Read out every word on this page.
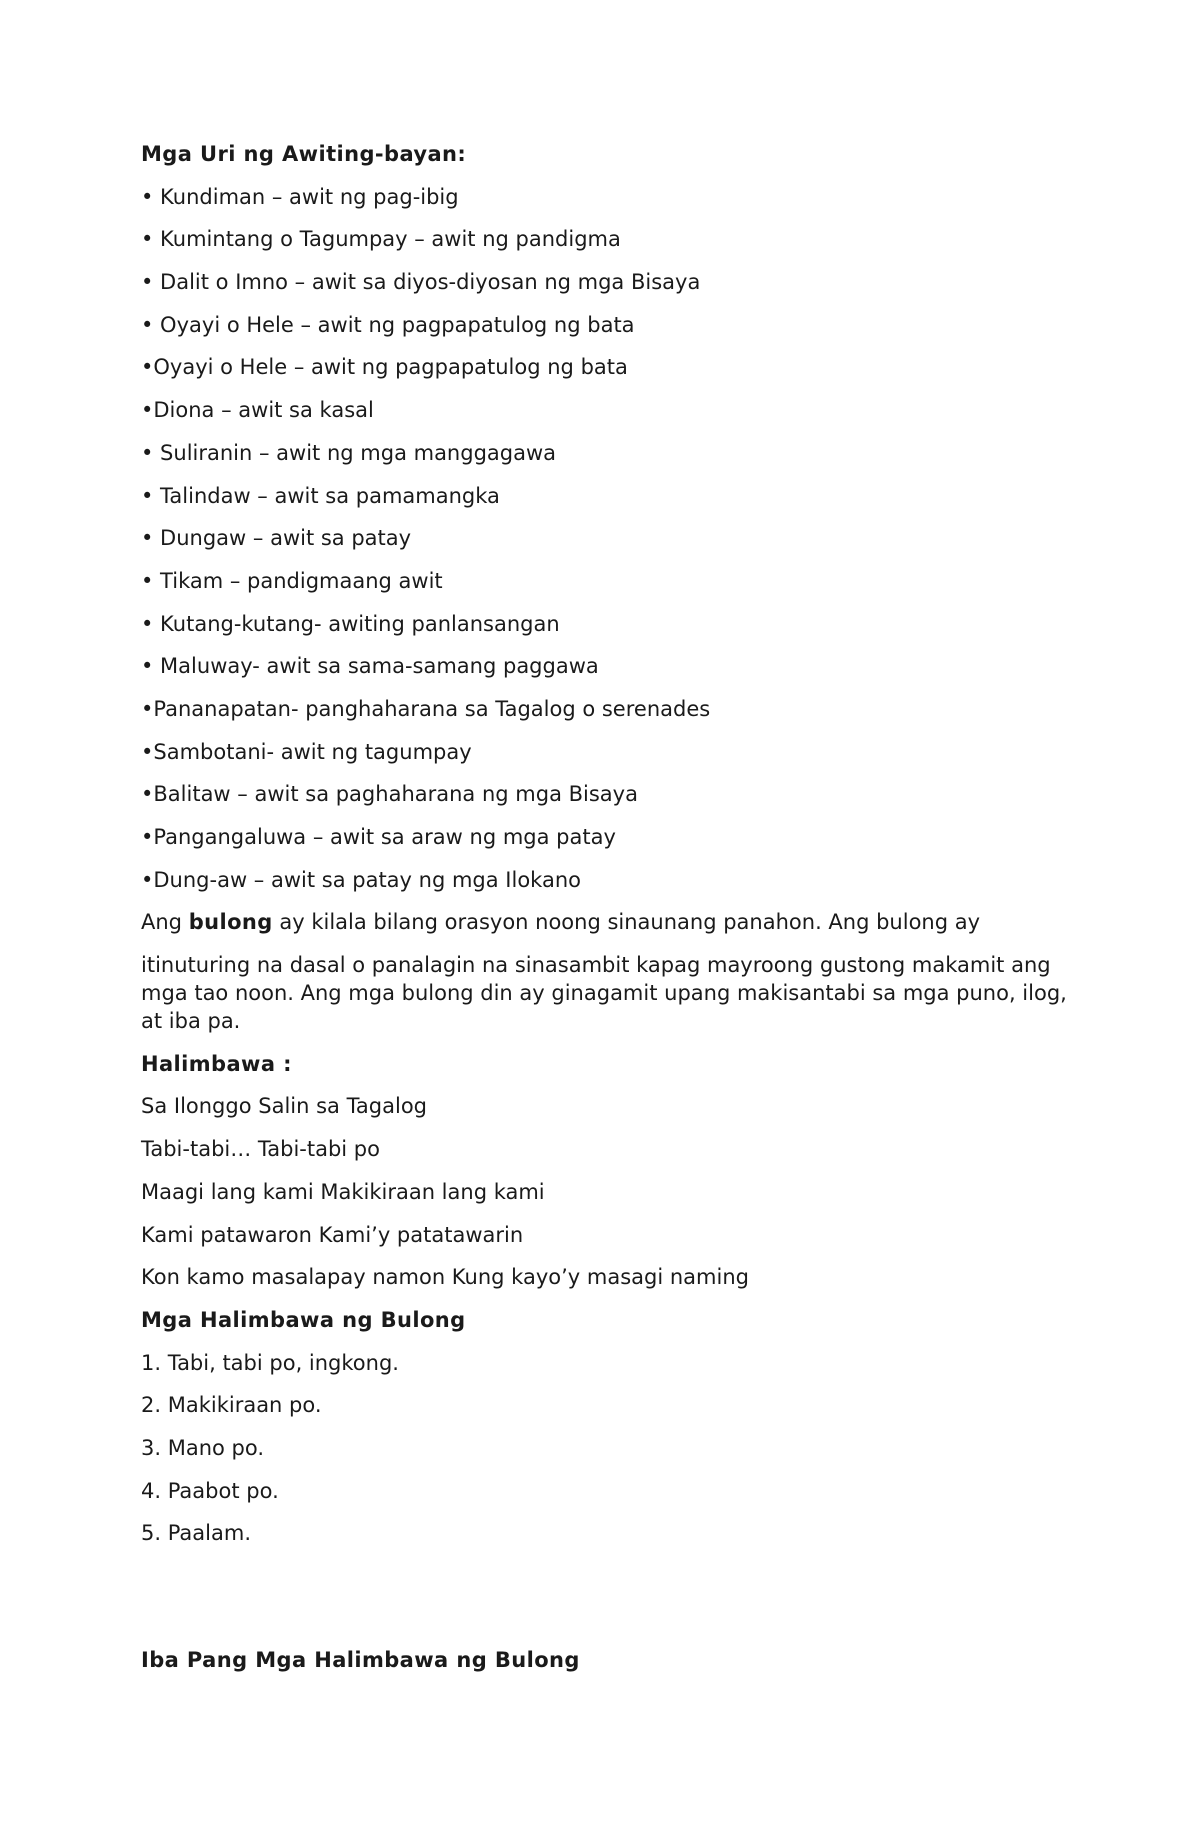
Mga Uri ng Awiting-bayan:
• Kundiman – awit ng pag-ibig
• Kumintang o Tagumpay – awit ng pandigma
• Dalit o Imno – awit sa diyos-diyosan ng mga Bisaya
• Oyayi o Hele – awit ng pagpapatulog ng bata
•Oyayi o Hele – awit ng pagpapatulog ng bata
•Diona – awit sa kasal
• Suliranin – awit ng mga manggagawa
• Talindaw – awit sa pamamangka
• Dungaw – awit sa patay
• Tikam – pandigmaang awit
• Kutang-kutang- awiting panlansangan
• Maluway- awit sa sama-samang paggawa
•Pananapatan- panghaharana sa Tagalog o serenades
•Sambotani- awit ng tagumpay
•Balitaw – awit sa paghaharana ng mga Bisaya
•Pangangaluwa – awit sa araw ng mga patay
•Dung-aw – awit sa patay ng mga Ilokano
Ang bulong ay kilala bilang orasyon noong sinaunang panahon. Ang bulong ay
itinuturing na dasal o panalagin na sinasambit kapag mayroong gustong makamit ang mga tao noon. Ang mga bulong din ay ginagamit upang makisantabi sa mga puno, ilog, at iba pa.
Halimbawa :
Sa Ilonggo Salin sa Tagalog
Tabi-tabi… Tabi-tabi po
Maagi lang kami Makikiraan lang kami
Kami patawaron Kami’y patatawarin
Kon kamo masalapay namon Kung kayo’y masagi naming
Mga Halimbawa ng Bulong
1. Tabi, tabi po, ingkong.
2. Makikiraan po.
3. Mano po.
4. Paabot po.
5. Paalam.
Iba Pang Mga Halimbawa ng Bulong
